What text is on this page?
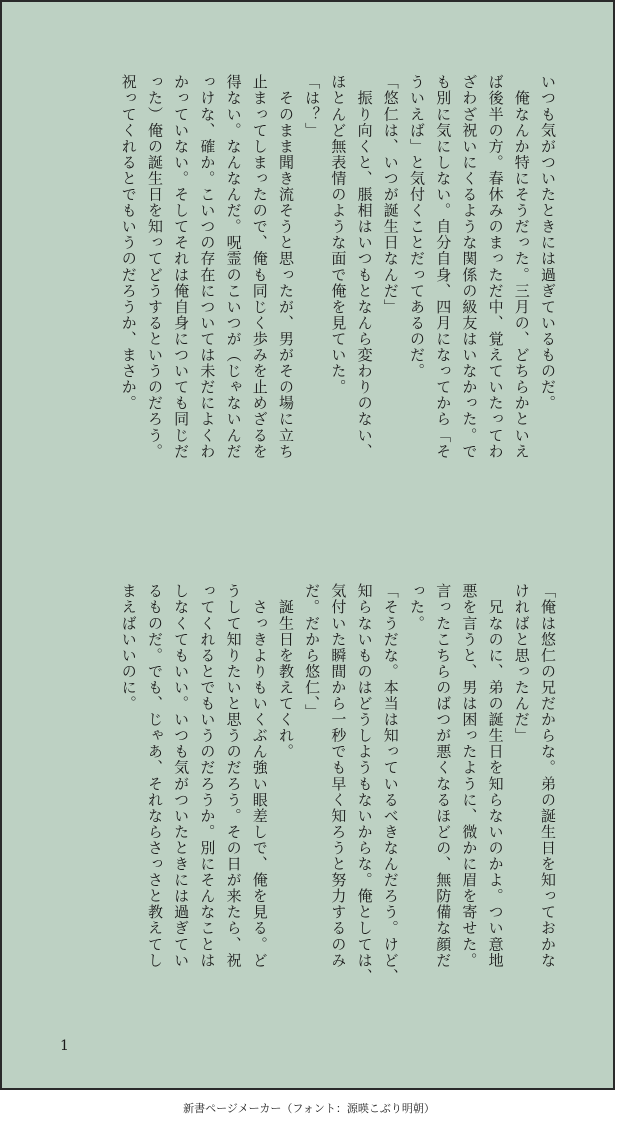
いつも気がついたときには過ぎているものだ。
　俺なんか特にそうだった。三月の、どちらかといえ
ば後半の方。春休みのまっただ中、覚えていたってわ
ざわざ祝いにくるような関係の級友はいなかった。で
も別に気にしない。自分自身、四月になってから「そ
ういえば」と気付くことだってあるのだ。
「悠仁は、いつが誕生日なんだ」
　振り向くと、脹相はいつもとなんら変わりのない、
ほとんど無表情のような面で俺を見ていた。
「は？」
　そのまま聞き流そうと思ったが、男がその場に立ち
止まってしまったので、俺も同じく歩みを止めざるを
得ない。なんなんだ。呪霊のこいつが（じゃないんだ
っけな、確か。こいつの存在については未だによくわ
かっていない。そしてそれは俺自身についても同じだ
った）俺の誕生日を知ってどうするというのだろう。
祝ってくれるとでもいうのだろうか、まさか。
「俺は悠仁の兄だからな。弟の誕生日を知っておかな
ければと思ったんだ」
　兄なのに、弟の誕生日を知らないのかよ。つい意地
悪を言うと、男は困ったように、微かに眉を寄せた。
言ったこちらのばつが悪くなるほどの、無防備な顔だ
った。
「そうだな。本当は知っているべきなんだろう。けど、
知らないものはどうしようもないからな。俺としては、
気付いた瞬間から一秒でも早く知ろうと努力するのみ
だ。だから悠仁、」
　誕生日を教えてくれ。
　さっきよりもいくぶん強い眼差しで、俺を見る。ど
うして知りたいと思うのだろう。その日が来たら、祝
ってくれるとでもいうのだろうか。別にそんなことは
しなくてもいい。いつも気がついたときには過ぎてい
るものだ。でも、じゃあ、それならさっさと教えてし
まえばいいのに。
1
新書ページメーカー（フォント：源暎こぶり明朝）
